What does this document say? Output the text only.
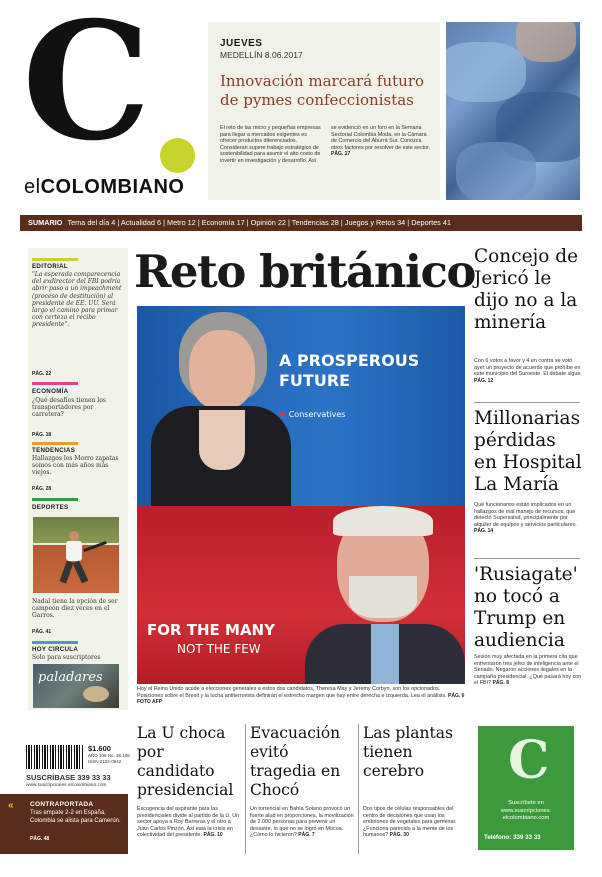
C
elCOLOMBIANO
JUEVES
MEDELLÍN 8.06.2017
Innovación marcará futuro de pymes confeccionistas
El reto de las micro y pequeñas empresas para llegar a mercados exigentes es ofrecer productos diferenciados. Consideran supere trabajo estratégico de sostenibilidad para asumir el alto costo de invertir en investigación y desarrollo. Así se evidenció en un foro en la Semana Sectorial Colombia Moda, en la Cámara de Comercio del Aburrá Sur. Conozca otros factores por resolver de este sector. PÁG. 17
SUMARIO Tema del día 4 | Actualidad 6 | Metro 12 | Economía 17 | Opinión 22 | Tendencias 28 | Juegos y Retos 34 | Deportes 41
EDITORIAL
"La esperada comparecencia del exdirector del FBI podría abrir paso a un impeachment (proceso de destitución) al presidente de EE. UU. Será largo el camino para primar con certeza el recibo presidente".
PÁG. 22
ECONOMÍA
¿Qué desafíos tienen los transportadores por carretera?
PÁG. 18
TENDENCIAS
Hallazgos los Morro zapatas somos con más años más viejos.
PÁG. 28
DEPORTES
Nadal tiene la opción de ser campeón diez veces en el Garros.
PÁG. 41
HOY CIRCULA
Solo para suscriptores
paladares
Reto británico
A PROSPEROUS
FUTURE
♣ Conservatives
FOR THE MANY
NOT THE FEW
Hoy el Reino Unido acude a elecciones generales a estos dos candidatos, Theresa May y Jeremy Corbyn, son los opcionados. Posiciones sobre el Brexit y la lucha antiterrorista definirán el estrecho margen que hay entre derecha e izquierda. Lea el análisis. PÁG. 6 FOTO AFP
Concejo de Jericó le dijo no a la minería
Con 6 votos a favor y 4 en contra se votó ayer un proyecto de acuerdo que prohíbe en este municipio del Suroeste. El debate sigue. PÁG. 12
Millonarias pérdidas en Hospital La María
Qué funcionarios están implicados en un hallazgos de mal manejo de recursos, que detectó Supersalud, principalmente por alquiler de equipos y servicios particulares. PÁG. 14
'Rusiagate' no tocó a Trump en audiencia
Sesión muy afectada en la primera cita que enfrentaron tres jefes de inteligencia ante el Senado. Negaron acciones ilegales en la campaña presidencial. ¿Qué pasará hoy con el FBI? PÁG. 8
$1.600
AÑO 106 No. 35.108 ISSN 0122-0942
SUSCRÍBASE 339 33 33
www.suscripciones.elcolombiano.com
La U choca por candidato presidencial
Escogencia del aspirante para las presidenciales divide al partido de la U. Un sector apoya a Roy Barreras y el otro a Juan Carlos Pinzón. Así está la crisis en colectividad del presidente. PÁG. 10
Evacuación evitó tragedia en Chocó
Un torrencial en Bahía Solano provocó un fuerte alud en proporciones, la movilización de 2.000 personas para prevenir un desastre, lo que no se logró en Mocoa. ¿Cómo lo hicieron? PÁG. 7
Las plantas tienen cerebro
Dos tipos de células responsables del centro de decisiones que usan los embriones de vegetales para germinar. ¿Funciona parecido a la mente de los humanos? PÁG. 30
C
Suscríbete en
www.suscripciones.
elcolombiano.com
Teléfono: 339 33 33
«	CONTRAPORTADA
Tras empate 2-2 en España, Colombia se alista para Camerún.
PÁG. 48
